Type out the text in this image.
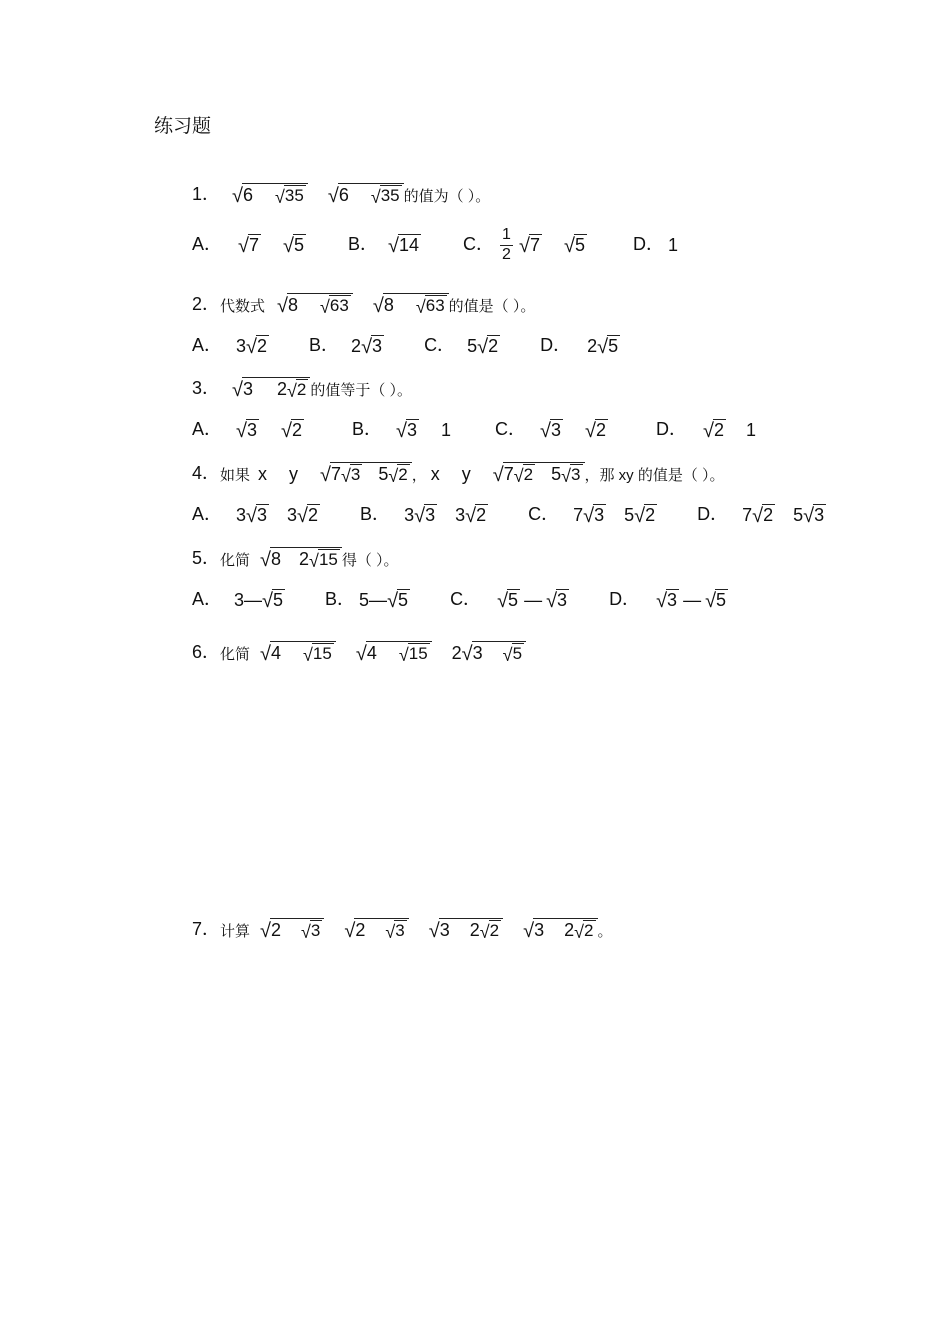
练习题
1． √ 6 √ 35 √ 6 √ 35 的值为（ ）。
A． √ 7 √ 5 B． √ 14 C． $\frac{1}{2}$ √ 7 √ 5	D． 1
2． 代数式 √ 8 √ 63 √ 8 √ 63 的值是（ ）。
A． 3 √ 2 B． 2 √ 3 C． 5 √ 2 D． 2 √ 5
3． √ 3 2 √ 2 的值等于（ ）。
A． √ 3 √ 2	B． √ 3 1 C． √ 3 √ 2	D． √ 2 1
4． 如果 x y √ 7 √ 3 5 √ 2 ， x y √ 7 √ 2 5 √ 3 ，那 xy 的值是（ ）。
A． 3 √ 3 3 √ 2 B． 3 √ 3 3 √ 2 C． 7 √ 3 5 √ 2 D． 7 √ 2 5 √ 3
5． 化简 √ 8 2 √ 15 得（ ）。
A． 3— √ 5 B． 5— √ 5 C． √ 5 — √ 3 D． √ 3 — √ 5
6． 化简 √ 4 √ 15 √ 4 √ 15 2 √ 3 √ 5
7． 计算 √ 2 √ 3 √ 2 √ 3 √ 3 2 √ 2 √ 3 2 √ 2 。
